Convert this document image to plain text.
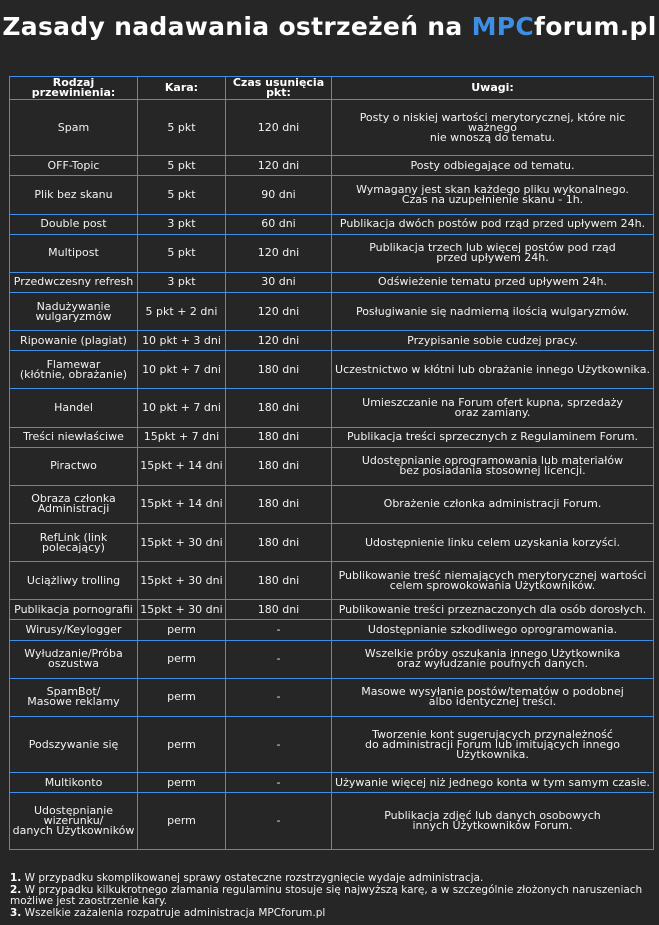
Zasady nadawania ostrzeżeń na MPCforum.pl
Rodzaj przewinienia:	Kara:	Czas usunięcia pkt:	Uwagi:
Spam	5 pkt	120 dni	Posty o niskiej wartości merytorycznej, które nic ważnego
nie wnoszą do tematu.
OFF-Topic	5 pkt	120 dni	Posty odbiegające od tematu.
Plik bez skanu	5 pkt	90 dni	Wymagany jest skan każdego pliku wykonalnego.
Czas na uzupełnienie skanu - 1h.
Double post	3 pkt	60 dni	Publikacja dwóch postów pod rząd przed upływem 24h.
Multipost	5 pkt	120 dni	Publikacja trzech lub więcej postów pod rząd
przed upływem 24h.
Przedwczesny refresh	3 pkt	30 dni	Odświeżenie tematu przed upływem 24h.
Nadużywanie
wulgaryzmów	5 pkt + 2 dni	120 dni	Posługiwanie się nadmierną ilością wulgaryzmów.
Ripowanie (plagiat)	10 pkt + 3 dni	120 dni	Przypisanie sobie cudzej pracy.
Flamewar
(kłótnie, obrażanie)	10 pkt + 7 dni	180 dni	Uczestnictwo w kłótni lub obrażanie innego Użytkownika.
Handel	10 pkt + 7 dni	180 dni	Umieszczanie na Forum ofert kupna, sprzedaży
oraz zamiany.
Treści niewłaściwe	15pkt + 7 dni	180 dni	Publikacja treści sprzecznych z Regulaminem Forum.
Piractwo	15pkt + 14 dni	180 dni	Udostępnianie oprogramowania lub materiałów
bez posiadania stosownej licencji.
Obraza członka
Administracji	15pkt + 14 dni	180 dni	Obrażenie członka administracji Forum.
RefLink (link polecający)	15pkt + 30 dni	180 dni	Udostępnienie linku celem uzyskania korzyści.
Uciążliwy trolling	15pkt + 30 dni	180 dni	Publikowanie treść niemających merytorycznej wartości
celem sprowokowania Użytkowników.
Publikacja pornografii	15pkt + 30 dni	180 dni	Publikowanie treści przeznaczonych dla osób dorosłych.
Wirusy/Keylogger	perm	-	Udostępnianie szkodliwego oprogramowania.
Wyłudzanie/Próba
oszustwa	perm	-	Wszelkie próby oszukania innego Użytkownika
oraz wyłudzanie poufnych danych.
SpamBot/
Masowe reklamy	perm	-	Masowe wysyłanie postów/tematów o podobnej
albo identycznej treści.
Podszywanie się	perm	-	Tworzenie kont sugerujących przynależność
do administracji Forum lub imitujących innego Użytkownika.
Multikonto	perm	-	Używanie więcej niż jednego konta w tym samym czasie.
Udostępnianie wizerunku/
danych Użytkowników	perm	-	Publikacja zdjęć lub danych osobowych
innych Użytkowników Forum.
1. W przypadku skomplikowanej sprawy ostateczne rozstrzygnięcie wydaje administracja.
2. W przypadku kilkukrotnego złamania regulaminu stosuje się najwyższą karę, a w szczególnie złożonych naruszeniach możliwe jest zaostrzenie kary.
3. Wszelkie zażalenia rozpatruje administracja MPCforum.pl
